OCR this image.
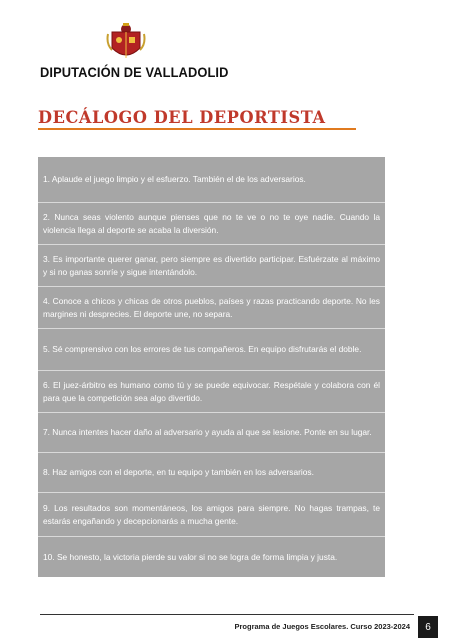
DIPUTACIÓN DE VALLADOLID
DECÁLOGO DEL DEPORTISTA
1. Aplaude el juego limpio y el esfuerzo. También el de los adversarios.
2. Nunca seas violento aunque pienses que no te ve o no te oye nadie. Cuando la violencia llega al deporte se acaba la diversión.
3. Es importante querer ganar, pero siempre es divertido participar. Esfuérzate al máximo y si no ganas sonríe y sigue intentándolo.
4. Conoce a chicos y chicas de otros pueblos, países y razas practicando deporte. No les margines ni desprecies. El deporte une, no separa.
5. Sé comprensivo con los errores de tus compañeros. En equipo disfrutarás el doble.
6. El juez-árbitro es humano como tú y se puede equivocar. Respétale y colabora con él para que la competición sea algo divertido.
7. Nunca intentes hacer daño al adversario y ayuda al que se lesione. Ponte en su lugar.
8. Haz amigos con el deporte, en tu equipo y también en los adversarios.
9. Los resultados son momentáneos, los amigos para siempre. No hagas trampas, te estarás engañando y decepcionarás a mucha gente.
10. Se honesto, la victoria pierde su valor si no se logra de forma limpia y justa.
Programa de Juegos Escolares. Curso 2023-2024	6
